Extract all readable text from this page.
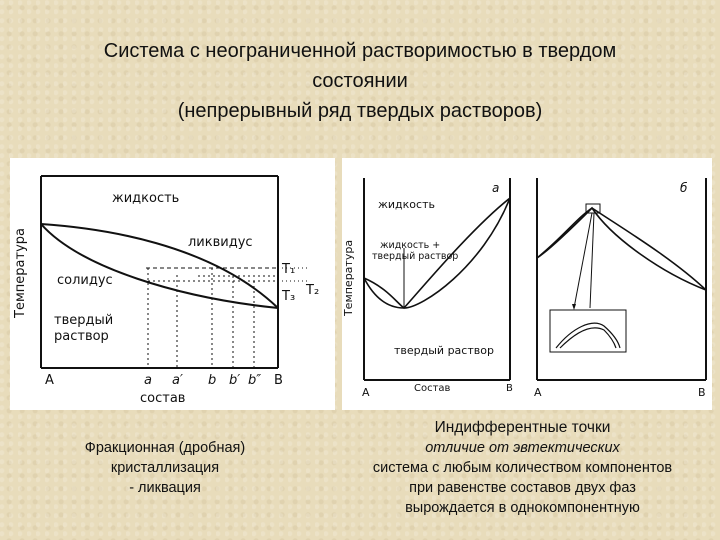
Система с неограниченной растворимостью в твердом
состоянии
(непрерывный ряд твердых растворов)
Температура
жидкость
ликвидус
солидус
твердый
раствор
T₁
T₂
T₃
A	a a′ b b′ b″ B
состав
Температура
a
жидкость
жидкость +
твердый раствор
твердый раствор
A	Состав	B
б
A	B
Фракционная (дробная)
кристаллизация
- ликвация
Индифферентные точки
отличие от эвтектических
система с любым количеством компонентов
при равенстве составов двух фаз
вырождается в однокомпонентную
